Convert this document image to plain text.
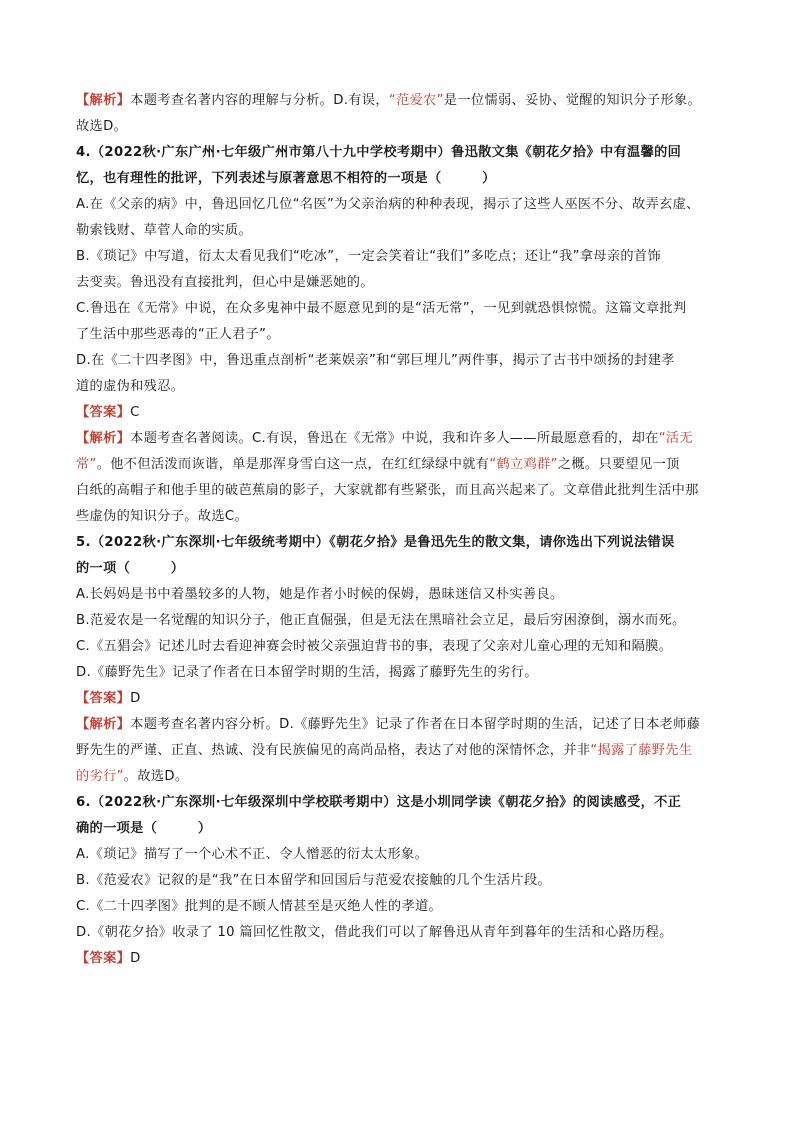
【解析】本题考查名著内容的理解与分析。D.有误，“范爱农”是一位懦弱、妥协、觉醒的知识分子形象。
故选D。
4.（2022秋·广东广州·七年级广州市第八十九中学校考期中）鲁迅散文集《朝花夕拾》中有温馨的回
忆，也有理性的批评，下列表述与原著意思不相符的一项是（　　　）
A.在《父亲的病》中，鲁迅回忆几位“名医”为父亲治病的种种表现，揭示了这些人巫医不分、故弄玄虚、
勒索钱财、草菅人命的实质。
B.《琐记》中写道，衍太太看见我们“吃冰”，一定会笑着让“我们”多吃点；还让“我”拿母亲的首饰
去变卖。鲁迅没有直接批判，但心中是嫌恶她的。
C.鲁迅在《无常》中说，在众多鬼神中最不愿意见到的是“活无常”，一见到就恐惧惊慌。这篇文章批判
了生活中那些恶毒的“正人君子”。
D.在《二十四孝图》中，鲁迅重点剖析“老莱娱亲”和“郭巨埋儿”两件事，揭示了古书中颂扬的封建孝
道的虚伪和残忍。
【答案】C
【解析】本题考查名著阅读。C.有误，鲁迅在《无常》中说，我和许多人——所最愿意看的，却在“活无
常”。他不但活泼而诙谐，单是那浑身雪白这一点，在红红绿绿中就有“鹤立鸡群”之概。只要望见一顶
白纸的高帽子和他手里的破芭蕉扇的影子，大家就都有些紧张，而且高兴起来了。文章借此批判生活中那
些虚伪的知识分子。故选C。
5.（2022秋·广东深圳·七年级统考期中）《朝花夕拾》是鲁迅先生的散文集，请你选出下列说法错误
的一项（　　　）
A.长妈妈是书中着墨较多的人物，她是作者小时候的保姆，愚昧迷信又朴实善良。
B.范爱农是一名觉醒的知识分子，他正直倔强，但是无法在黑暗社会立足，最后穷困潦倒，溺水而死。
C.《五猖会》记述儿时去看迎神赛会时被父亲强迫背书的事，表现了父亲对儿童心理的无知和隔膜。
D.《藤野先生》记录了作者在日本留学时期的生活，揭露了藤野先生的劣行。
【答案】D
【解析】本题考查名著内容分析。D.《藤野先生》记录了作者在日本留学时期的生活，记述了日本老师藤
野先生的严谨、正直、热诚、没有民族偏见的高尚品格，表达了对他的深情怀念，并非“揭露了藤野先生
的劣行”。故选D。
6.（2022秋·广东深圳·七年级深圳中学校联考期中）这是小圳同学读《朝花夕拾》的阅读感受，不正
确的一项是（　　　）
A.《琐记》描写了一个心术不正、令人憎恶的衍太太形象。
B.《范爱农》记叙的是“我”在日本留学和回国后与范爱农接触的几个生活片段。
C.《二十四孝图》批判的是不顾人情甚至是灭绝人性的孝道。
D.《朝花夕拾》收录了 10 篇回忆性散文，借此我们可以了解鲁迅从青年到暮年的生活和心路历程。
【答案】D
